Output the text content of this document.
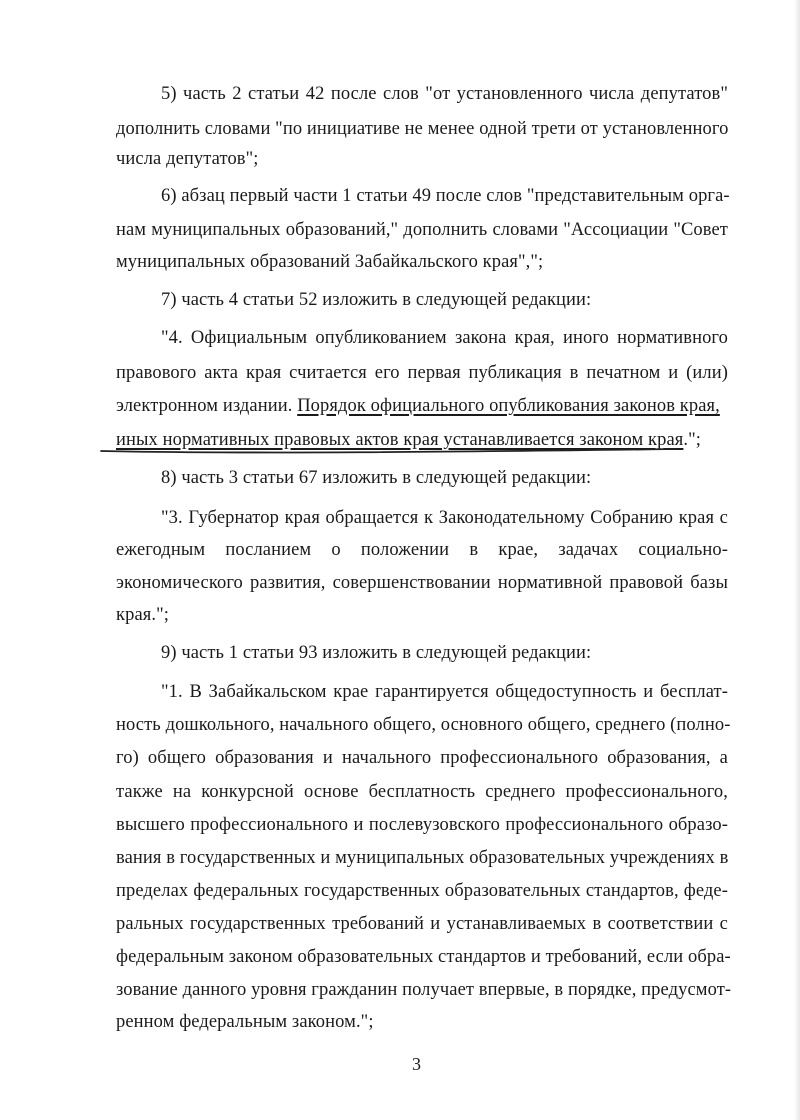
5) часть 2 статьи 42 после слов "от установленного числа депутатов"
дополнить словами "по инициативе не менее одной трети от установленного
числа депутатов";
6) абзац первый части 1 статьи 49 после слов "представительным орга-
нам муниципальных образований," дополнить словами "Ассоциации "Совет
муниципальных образований Забайкальского края",";
7) часть 4 статьи 52 изложить в следующей редакции:
"4. Официальным опубликованием закона края, иного нормативного
правового акта края считается его первая публикация в печатном и (или)
электронном издании. Порядок официального опубликования законов края,
иных нормативных правовых актов края устанавливается законом края.";
8) часть 3 статьи 67 изложить в следующей редакции:
"3. Губернатор края обращается к Законодательному Собранию края с
ежегодным посланием о положении в крае, задачах социально-
экономического развития, совершенствовании нормативной правовой базы
края.";
9) часть 1 статьи 93 изложить в следующей редакции:
"1. В Забайкальском крае гарантируется общедоступность и бесплат-
ность дошкольного, начального общего, основного общего, среднего (полно-
го) общего образования и начального профессионального образования, а
также на конкурсной основе бесплатность среднего профессионального,
высшего профессионального и послевузовского профессионального образо-
вания в государственных и муниципальных образовательных учреждениях в
пределах федеральных государственных образовательных стандартов, феде-
ральных государственных требований и устанавливаемых в соответствии с
федеральным законом образовательных стандартов и требований, если обра-
зование данного уровня гражданин получает впервые, в порядке, предусмот-
ренном федеральным законом.";
3
